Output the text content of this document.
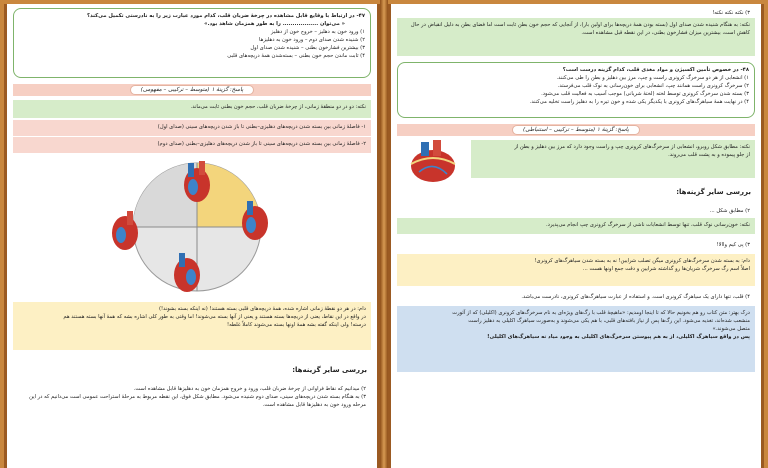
۴۷- در ارتباط با وقایع قابل مشاهده در چرخهٔ ضربان قلب، کدام مورد عبارت زیر را به نادرستی تکمیل می‌کند؟
« می‌توان .................. را به طور همزمان شاهد بود.»
۱) ورود خون به دهلیز – خروج خون از دهلیز
۲) شنیده شدن صدای دوم – ورود خون به دهلیزها
۳) بیشترین فشارخون بطنی – شنیده شدن صدای اول
۴) ثابت ماندن حجم خون بطنی – بسته‌شدن همهٔ دریچه‌های قلبی
پاسخ: گزینهٔ ۱ (متوسط – ترکیبی – مفهومی)
نکته: دو در دو منطقهٔ زمانی، از چرخهٔ ضربان قلب، حجم خون بطنی ثابت می‌ماند.
۱- فاصلهٔ زمانی بین بسته شدن دریچه‌های دهلیزی–بطنی تا باز شدن دریچه‌های سینی (صدای اول)
۲- فاصلهٔ زمانی بین بسته شدن دریچه‌های سینی تا باز شدن دریچه‌های دهلیزی–بطنی (صدای دوم)
دام: در هر دو نقطهٔ زمانی اشاره شده، همهٔ دریچه‌های قلبی بسته هستند! (نه اینکه بسته بشوند!)
در واقع در این نقاط، یعنی از دریچه‌ها بسته هستند و یعنی از آنها بسته می‌شوند! اما وقتی به طور کلی اشاره بشه که همهٔ آنها بسته هستند هم
درسته! ولی اینکه گفته بشه همهٔ اونها بسته می‌شوند کاملاً غلطه!
بررسی سایر گزینه‌ها:
۲) میدانیم که نقاط فراوانی از چرخهٔ ضربان قلب، ورود و خروج همزمان خون به دهلیزها قابل مشاهده است.
۳) به هنگام بسته شدن دریچه‌های سینی، صدای دوم شنیده می‌شود. مطابق شکل فوق، این نقطه مربوط به مرحلهٔ استراحت عمومی است می‌دانیم که در این
مرحله ورود خون به دهلیزها قابل مشاهده است.
۳) نکته نکته نکته!
نکته: به هنگام شنیده شدن صدای اول (بسته بودن همهٔ دریچه‌ها برای اولین بار)، از آنجایی که حجم خون بطن ثابت است اما فضای بطن به دلیل انقباض در حال کاهش است، بیشترین میزان فشارخون بطنی، در این نقطه قبل مشاهده است.
۴۸- در خصوص تأمین اکسیژن و مواد مغذی قلب، کدام گزینه درست است؟
۱) انشعابی از هر دو سرخرگ کرونری راست و چپ، مرز بین دهلیز و بطن را طی می‌کنند.
۲) سرخرگ کرونری راست همانند چپ، انشعابی برای خون‌رسانی به نوک قلب می‌فرستد.
۳) بسته شدن سرخرگ کرونری توسط لخته (لختهٔ شریانی) موجب آسیب به فعالیت قلب می‌شود.
۴) در نهایت همهٔ سیاهرگ‌های کرونری با یکدیگر یکی شده و خون تیره را به دهلیز راست تخلیه می‌کنند.
پاسخ: گزینهٔ ۱ (متوسط – ترکیبی – استنباطی)
نکته: مطابق شکل روبرو، انشعابی از سرخرگ‌های کرونری چپ و راست وجود دارد که مرز بین دهلیز و بطن از
از جلو پیموده و به پشت قلب می‌روند.
بررسی سایر گزینه‌ها:
۲) مطابق شکل ...
نکته: خون‌رسانی نوک قلب، تنها توسط انشعابات ناشی از سرخرگ کرونری چپ انجام می‌پذیرد.
۳) پی کیم واالا!
دام: به بسته شدن سرخرگ‌های کرونری میگن تصلب شرایین! نه به بسته شدن سیاهرگ‌های کرونری!
اصلاً اسم رگ سرخرگ شریان‌ها رو گذاشته شرایین و دقت جمع اونها هست ...
۴) قلب، تنها دارای یک سیاهرگ کرونری است. و استفاده از عبارت سیاهرگ‌های کرونری، نادرست می‌باشد.
درک بهتر: متن کتاب رو هم بخونیم حالا که تا اینجا اومدیم: «ماهیچهٔ قلب با رگ‌های ویژه‌ای به نام سرخرگ‌های کرونری (اکلیلی) که از آئورت
منشعب شده‌اند، تغذیه می‌شود. این رگ‌ها پس از نیاز بافته‌های قلبی، با هم یکی می‌شوند و به‌صورت سیاهرگ اکلیلی به دهلیز راست
متصل می‌شوند.»
پس در واقع سیاهرگ اکلیلی، از به هم پیوستن سرخرگ‌های اکلیلی به وجود میاد نه سیاهرگ‌های اکلیلی!
